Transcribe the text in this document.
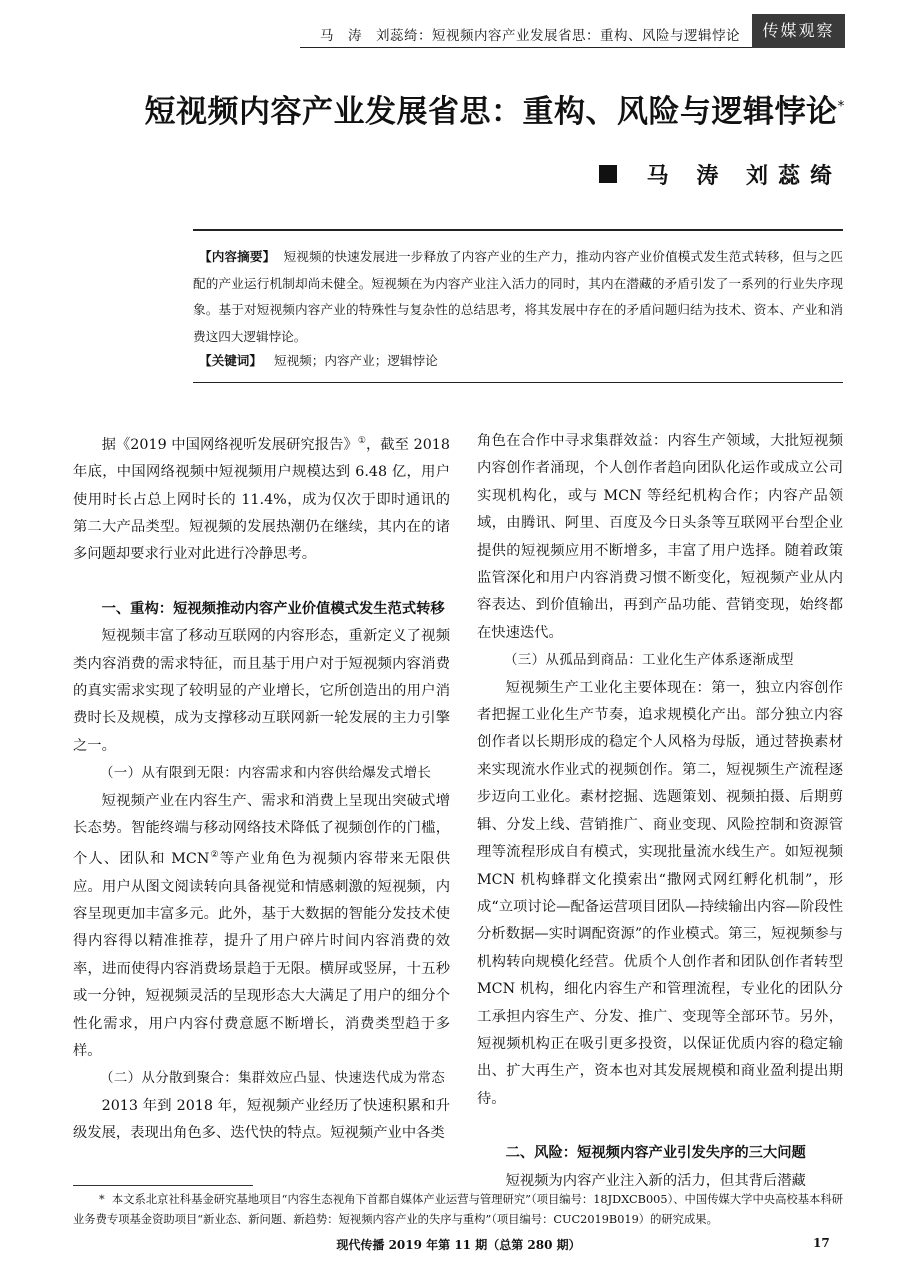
马　涛　刘蕊绮：短视频内容产业发展省思：重构、风险与逻辑悖论	传媒观察
短视频内容产业发展省思：重构、风险与逻辑悖论*
马 涛 刘蕊绮
【内容摘要】 短视频的快速发展进一步释放了内容产业的生产力，推动内容产业价值模式发生范式转移，但与之匹配的产业运行机制却尚未健全。短视频在为内容产业注入活力的同时，其内在潜藏的矛盾引发了一系列的行业失序现象。基于对短视频内容产业的特殊性与复杂性的总结思考，将其发展中存在的矛盾问题归结为技术、资本、产业和消费这四大逻辑悖论。
【关键词】 短视频；内容产业；逻辑悖论

据《2019 中国网络视听发展研究报告》①，截至 2018 年底，中国网络视频中短视频用户规模达到 6.48 亿，用户使用时长占总上网时长的 11.4%，成为仅次于即时通讯的第二大产品类型。短视频的发展热潮仍在继续，其内在的诸多问题却要求行业对此进行冷静思考。

一、重构：短视频推动内容产业价值模式发生范式转移

短视频丰富了移动互联网的内容形态，重新定义了视频类内容消费的需求特征，而且基于用户对于短视频内容消费的真实需求实现了较明显的产业增长，它所创造出的用户消费时长及规模，成为支撑移动互联网新一轮发展的主力引擎之一。

（一）从有限到无限：内容需求和内容供给爆发式增长

短视频产业在内容生产、需求和消费上呈现出突破式增长态势。智能终端与移动网络技术降低了视频创作的门槛，个人、团队和 MCN②等产业角色为视频内容带来无限供应。用户从图文阅读转向具备视觉和情感刺激的短视频，内容呈现更加丰富多元。此外，基于大数据的智能分发技术使得内容得以精准推荐，提升了用户碎片时间内容消费的效率，进而使得内容消费场景趋于无限。横屏或竖屏，十五秒或一分钟，短视频灵活的呈现形态大大满足了用户的细分个性化需求，用户内容付费意愿不断增长，消费类型趋于多样。

（二）从分散到聚合：集群效应凸显、快速迭代成为常态

2013 年到 2018 年，短视频产业经历了快速积累和升级发展，表现出角色多、迭代快的特点。短视频产业中各类

角色在合作中寻求集群效益：内容生产领域，大批短视频内容创作者涌现，个人创作者趋向团队化运作或成立公司实现机构化，或与 MCN 等经纪机构合作；内容产品领域，由腾讯、阿里、百度及今日头条等互联网平台型企业提供的短视频应用不断增多，丰富了用户选择。随着政策监管深化和用户内容消费习惯不断变化，短视频产业从内容表达、到价值输出，再到产品功能、营销变现，始终都在快速迭代。

（三）从孤品到商品：工业化生产体系逐渐成型

短视频生产工业化主要体现在：第一，独立内容创作者把握工业化生产节奏，追求规模化产出。部分独立内容创作者以长期形成的稳定个人风格为母版，通过替换素材来实现流水作业式的视频创作。第二，短视频生产流程逐步迈向工业化。素材挖掘、选题策划、视频拍摄、后期剪辑、分发上线、营销推广、商业变现、风险控制和资源管理等流程形成自有模式，实现批量流水线生产。如短视频 MCN 机构蜂群文化摸索出“撒网式网红孵化机制”，形成“立项讨论—配备运营项目团队—持续输出内容—阶段性分析数据—实时调配资源”的作业模式。第三，短视频参与机构转向规模化经营。优质个人创作者和团队创作者转型 MCN 机构，细化内容生产和管理流程，专业化的团队分工承担内容生产、分发、推广、变现等全部环节。另外，短视频机构正在吸引更多投资，以保证优质内容的稳定输出、扩大再生产，资本也对其发展规模和商业盈利提出期待。

二、风险：短视频内容产业引发失序的三大问题

短视频为内容产业注入新的活力，但其背后潜藏

* 本文系北京社科基金研究基地项目“内容生态视角下首都自媒体产业运营与管理研究”（项目编号：18JDXCB005）、中国传媒大学中央高校基本科研业务费专项基金资助项目“新业态、新问题、新趋势：短视频内容产业的失序与重构”（项目编号：CUC2019B019）的研究成果。
现代传播 2019 年第 11 期（总第 280 期）	17
